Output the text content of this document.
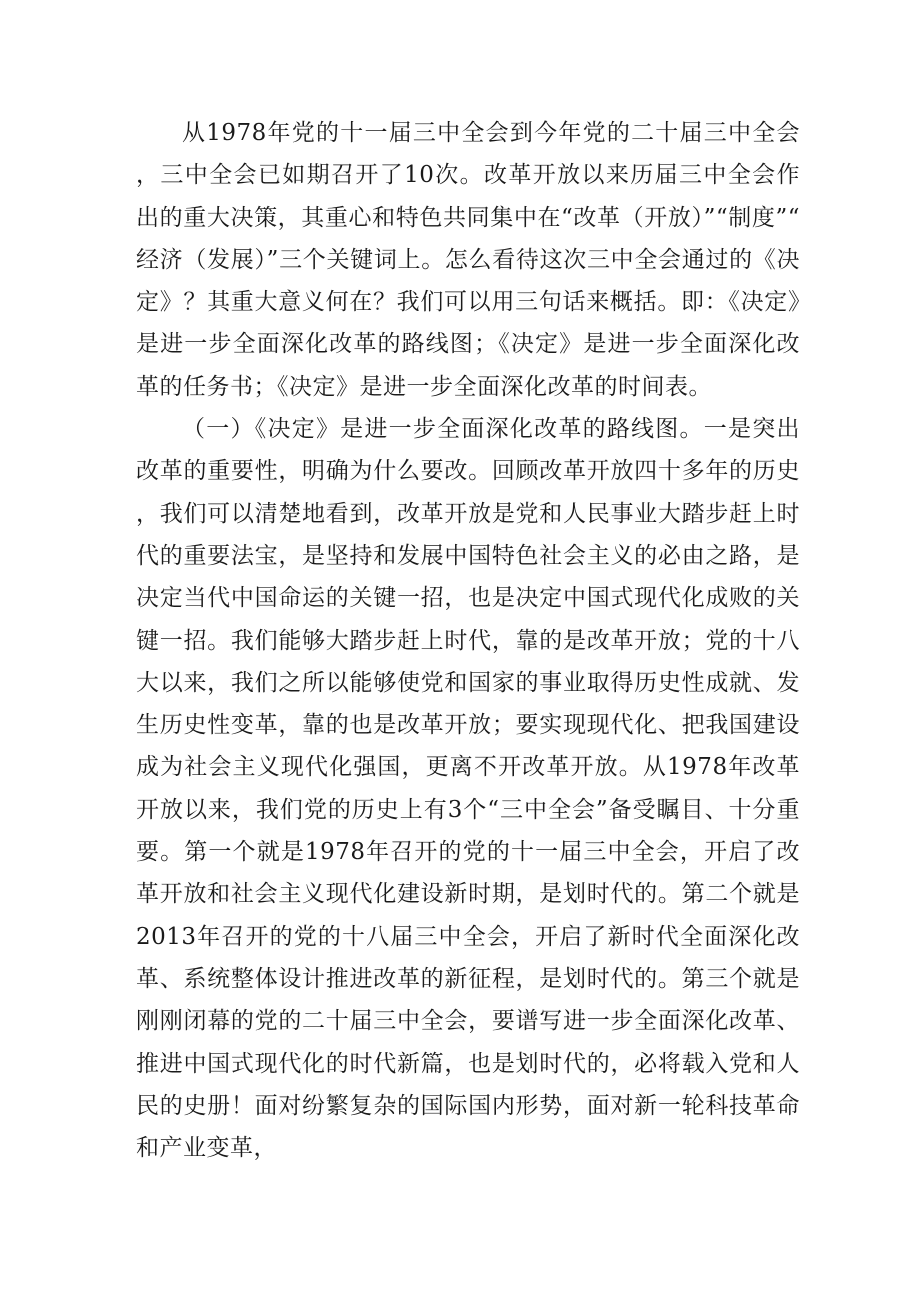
从1978年党的十一届三中全会到今年党的二十届三中全会，三中全会已如期召开了10次。改革开放以来历届三中全会作出的重大决策，其重心和特色共同集中在“改革（开放）”“制度”“经济（发展）”三个关键词上。怎么看待这次三中全会通过的《决定》？其重大意义何在？我们可以用三句话来概括。即：《决定》是进一步全面深化改革的路线图；《决定》是进一步全面深化改革的任务书；《决定》是进一步全面深化改革的时间表。

（一）《决定》是进一步全面深化改革的路线图。一是突出改革的重要性，明确为什么要改。回顾改革开放四十多年的历史，我们可以清楚地看到，改革开放是党和人民事业大踏步赶上时代的重要法宝，是坚持和发展中国特色社会主义的必由之路，是决定当代中国命运的关键一招，也是决定中国式现代化成败的关键一招。我们能够大踏步赶上时代，靠的是改革开放；党的十八大以来，我们之所以能够使党和国家的事业取得历史性成就、发生历史性变革，靠的也是改革开放；要实现现代化、把我国建设成为社会主义现代化强国，更离不开改革开放。从1978年改革开放以来，我们党的历史上有3个“三中全会”备受瞩目、十分重要。第一个就是1978年召开的党的十一届三中全会，开启了改革开放和社会主义现代化建设新时期，是划时代的。第二个就是2013年召开的党的十八届三中全会，开启了新时代全面深化改革、系统整体设计推进改革的新征程，是划时代的。第三个就是刚刚闭幕的党的二十届三中全会，要谱写进一步全面深化改革、推进中国式现代化的时代新篇，也是划时代的，必将载入党和人民的史册！面对纷繁复杂的国际国内形势，面对新一轮科技革命和产业变革，
